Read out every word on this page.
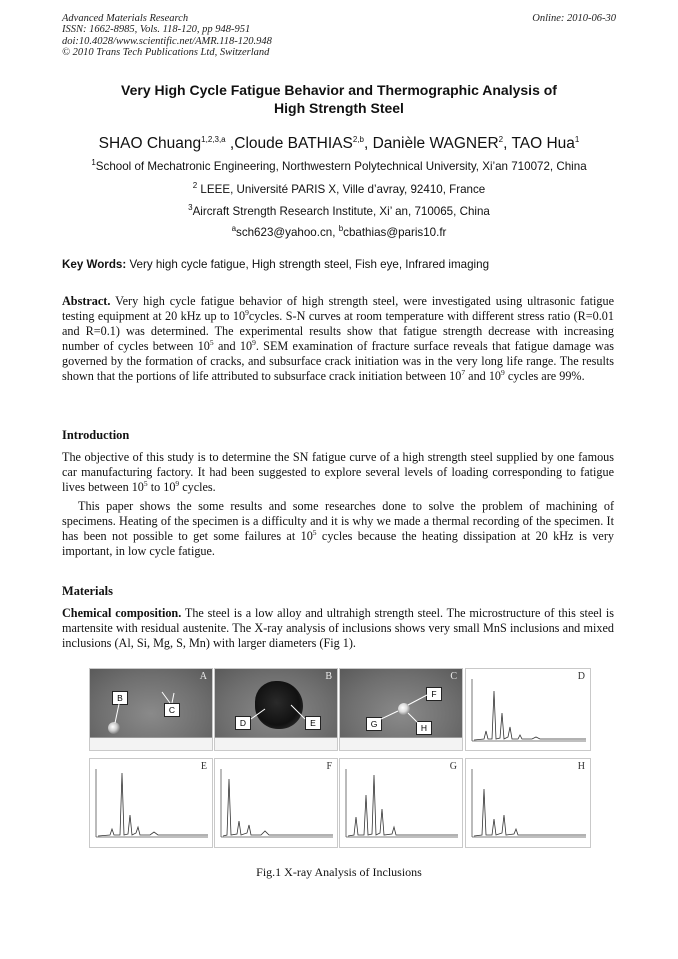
Advanced Materials Research
ISSN: 1662-8985, Vols. 118-120, pp 948-951
doi:10.4028/www.scientific.net/AMR.118-120.948
© 2010 Trans Tech Publications Ltd, Switzerland
Online: 2010-06-30
Very High Cycle Fatigue Behavior and Thermographic Analysis of
High Strength Steel
SHAO Chuang$^{1,2,3,a}$ ,Cloude BATHIAS$^{2,b}$, Danièle WAGNER$^2$, TAO Hua$^1$
$^1$School of Mechatronic Engineering, Northwestern Polytechnical University, Xi’an 710072, China
$^2$ LEEE, Université PARIS X, Ville d’avray, 92410, France
$^3$Aircraft Strength Research Institute, Xi’ an, 710065, China
$^a$sch623@yahoo.cn, $^b$cbathias@paris10.fr
Key Words: Very high cycle fatigue, High strength steel, Fish eye, Infrared imaging

Abstract. Very high cycle fatigue behavior of high strength steel, were investigated using ultrasonic fatigue testing equipment at 20 kHz up to $10^9cycles$. S-N curves at room temperature with different stress ratio (R=0.01 and R=0.1) was determined. The experimental results show that fatigue strength decrease with increasing number of cycles between $10^5$ and $10^9$. SEM examination of fracture surface reveals that fatigue damage was governed by the formation of cracks, and subsurface crack initiation was in the very long life range. The results shown that the portions of life attributed to subsurface crack initiation between $10^7$ and $10^9$ cycles are 99%.

Introduction

The objective of this study is to determine the SN fatigue curve of a high strength steel supplied by one famous car manufacturing factory. It had been suggested to explore several levels of loading corresponding to fatigue lives between $10^5$ to $10^9$ cycles.

This paper shows the some results and some researches done to solve the problem of machining of specimens. Heating of the specimen is a difficulty and it is why we made a thermal recording of the specimen. It has been not possible to get some failures at $10^5$ cycles because the heating dissipation at 20 kHz is very important, in low cycle fatigue.

Materials

Chemical composition. The steel is a low alloy and ultrahigh strength steel. The microstructure of this steel is martensite with residual austenite. The X-ray analysis of inclusions shows very small MnS inclusions and mixed inclusions (Al, Si, Mg, S, Mn) with larger diameters (Fig 1).

A
B
C
B
D	E
C
F
G	H
D
E	F	G	H
Fig.1 X-ray Analysis of Inclusions
